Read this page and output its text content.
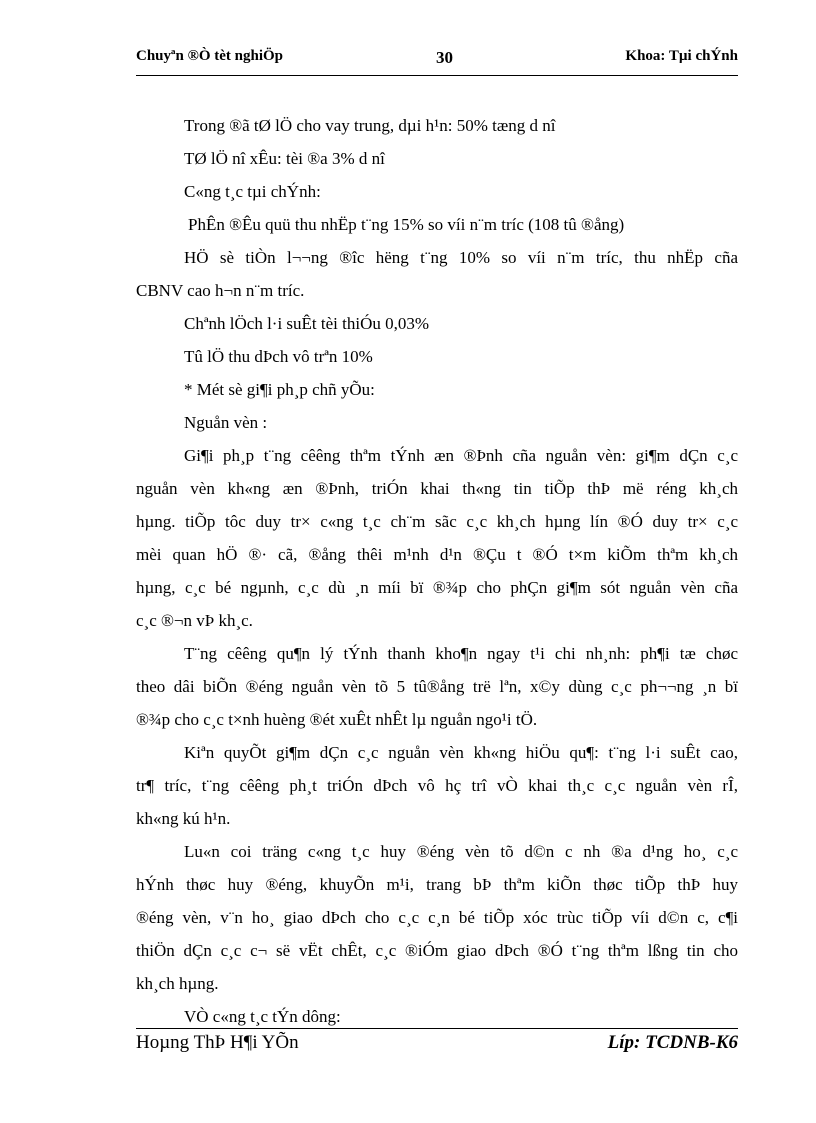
Chuyªn ®Ò tèt nghiÖp	30	Khoa: Tµi chÝnh
Trong ®ã tØ lÖ cho vay trung, dµi h¹n: 50% tæng d nî
TØ lÖ nî xÊu: tèi ®a 3% d nî
C«ng t¸c tµi chÝnh:
PhÊn ®Êu quü thu nhËp t¨ng 15% so víi n¨m tríc (108 tû ®ång)
HÖ sè tiÒn l¬¬ng ®îc hëng t¨ng 10% so víi n¨m tríc, thu nhËp cña
CBNV cao h¬n n¨m tríc.
Chªnh lÖch l·i suÊt tèi thiÓu 0,03%
Tû lÖ thu dÞch vô trªn 10%
* Mét sè gi¶i ph¸p chñ yÕu:
Nguån vèn :
Gi¶i ph¸p t¨ng cêêng thªm tÝnh æn ®Þnh cña nguån vèn: gi¶m dÇn c¸c
nguån vèn kh«ng æn ®Þnh, triÓn khai th«ng tin tiÕp thÞ më réng kh¸ch
hµng. tiÕp tôc duy tr× c«ng t¸c ch¨m sãc c¸c kh¸ch hµng lín ®Ó duy tr× c¸c
mèi quan hÖ ®· cã, ®ång thêi m¹nh d¹n ®Çu t ®Ó t×m kiÕm thªm kh¸ch
hµng, c¸c bé ngµnh, c¸c dù ¸n míi bï ®¾p cho phÇn gi¶m sót nguån vèn cña
c¸c ®¬n vÞ kh¸c.
T¨ng cêêng qu¶n lý tÝnh thanh kho¶n ngay t¹i chi nh¸nh: ph¶i tæ chøc
theo dâi biÕn ®éng nguån vèn tõ 5 tû®ång trë lªn, x©y dùng c¸c ph¬¬ng ¸n bï
®¾p cho c¸c t×nh huèng ®ét xuÊt nhÊt lµ nguån ngo¹i tÖ.
Kiªn quyÕt gi¶m dÇn c¸c nguån vèn kh«ng hiÖu qu¶: t¨ng l·i suÊt cao,
tr¶ tríc, t¨ng cêêng ph¸t triÓn dÞch vô hç trî vÒ khai th¸c c¸c nguån vèn rÎ,
kh«ng kú h¹n.
Lu«n coi träng c«ng t¸c huy ®éng vèn tõ d©n c nh ®a d¹ng ho¸ c¸c
hÝnh thøc huy ®éng, khuyÕn m¹i, trang bÞ thªm kiÕn thøc tiÕp thÞ huy
®éng vèn, v¨n ho¸ giao dÞch cho c¸c c¸n bé tiÕp xóc trùc tiÕp víi d©n c, c¶i
thiÖn dÇn c¸c c¬ së vËt chÊt, c¸c ®iÓm giao dÞch ®Ó t¨ng thªm lßng tin cho
kh¸ch hµng.
VÒ c«ng t¸c tÝn dông:
Hoµng ThÞ H¶i YÕn	Líp: TCDNB-K6
